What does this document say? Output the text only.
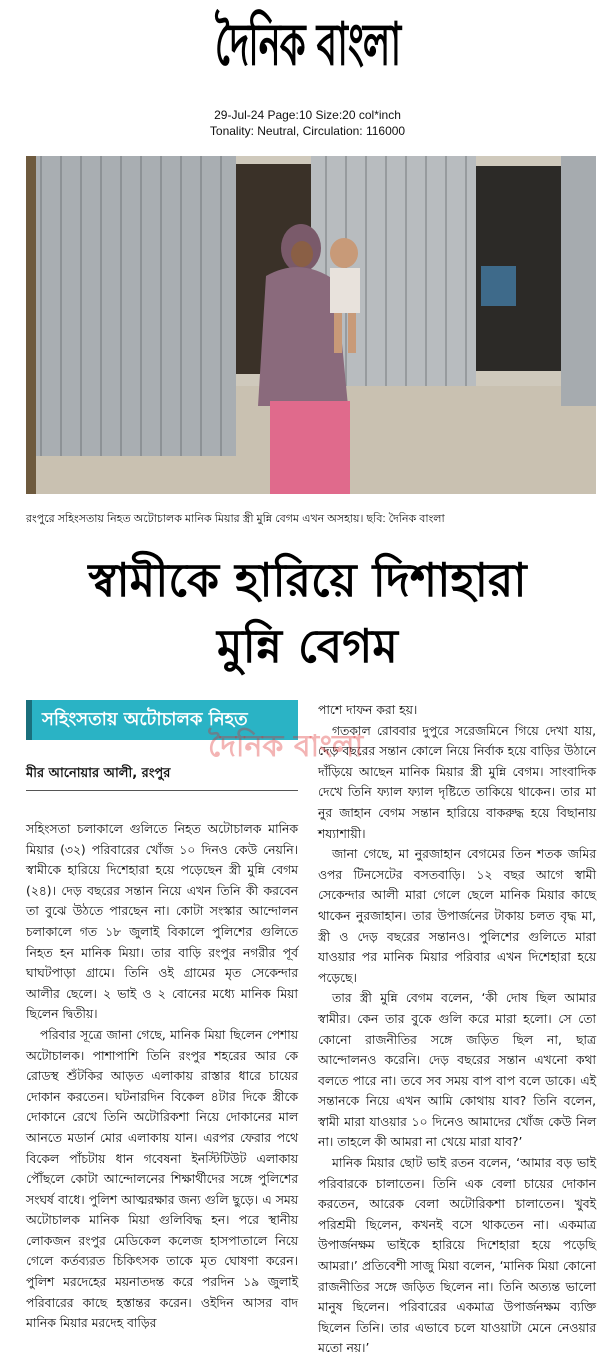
দৈনিক বাংলা
29-Jul-24 Page:10 Size:20 col*inch
Tonality: Neutral, Circulation: 116000
রংপুরে সহিংসতায় নিহত অটোচালক মানিক মিয়ার স্ত্রী মুন্নি বেগম এখন অসহায়। ছবি: দৈনিক বাংলা
স্বামীকে হারিয়ে দিশাহারা
মুন্নি বেগম
সহিংসতায় অটোচালক নিহত
মীর আনোয়ার আলী, রংপুর

সহিংসতা চলাকালে গুলিতে নিহত অটোচালক মানিক মিয়ার (৩২) পরিবারের খোঁজ ১০ দিনও কেউ নেয়নি। স্বামীকে হারিয়ে দিশেহারা হয়ে পড়েছেন স্ত্রী মুন্নি বেগম (২৪)। দেড় বছরের সন্তান নিয়ে এখন তিনি কী করবেন তা বুঝে উঠতে পারছেন না। কোটা সংস্কার আন্দোলন চলাকালে গত ১৮ জুলাই বিকালে পুলিশের গুলিতে নিহত হন মানিক মিয়া। তার বাড়ি রংপুর নগরীর পূর্ব ঘাঘটপাড়া গ্রামে। তিনি ওই গ্রামের মৃত সেকেন্দার আলীর ছেলে। ২ ভাই ও ২ বোনের মধ্যে মানিক মিয়া ছিলেন দ্বিতীয়।

পরিবার সূত্রে জানা গেছে, মানিক মিয়া ছিলেন পেশায় অটোচালক। পাশাপাশি তিনি রংপুর শহরের আর কে রোডস্থ শুঁটকির আড়ত এলাকায় রাস্তার ধারে চায়ের দোকান করতেন। ঘটনারদিন বিকেল ৪টার দিকে স্ত্রীকে দোকানে রেখে তিনি অটোরিকশা নিয়ে দোকানের মাল আনতে মডার্ন মোর এলাকায় যান। এরপর ফেরার পথে বিকেল পাঁচটায় ধান গবেষনা ইনস্টিটিউট এলাকায় পৌঁছলে কোটা আন্দোলনের শিক্ষার্থীদের সঙ্গে পুলিশের সংঘর্ষ বাধে। পুলিশ আত্মরক্ষার জন্য গুলি ছুড়ে। এ সময় অটোচালক মানিক মিয়া গুলিবিদ্ধ হন। পরে স্থানীয় লোকজন রংপুর মেডিকেল কলেজ হাসপাতালে নিয়ে গেলে কর্তব্যরত চিকিৎসক তাকে মৃত ঘোষণা করেন। পুলিশ মরদেহের ময়নাতদন্ত করে পরদিন ১৯ জুলাই পরিবারের কাছে হস্তান্তর করেন। ওইদিন আসর বাদ মানিক মিয়ার মরদেহ বাড়ির

পাশে দাফন করা হয়।

গতকাল রোববার দুপুরে সরেজমিনে গিয়ে দেখা যায়, দেড় বছরের সন্তান কোলে নিয়ে নির্বাক হয়ে বাড়ির উঠানে দাঁড়িয়ে আছেন মানিক মিয়ার স্ত্রী মুন্নি বেগম। সাংবাদিক দেখে তিনি ফ্যাল ফ্যাল দৃষ্টিতে তাকিয়ে থাকেন। তার মা নুর জাহান বেগম সন্তান হারিয়ে বাকরুদ্ধ হয়ে বিছানায় শয্যাশায়ী।

জানা গেছে, মা নুরজাহান বেগমের তিন শতক জমির ওপর টিনসেটের বসতবাড়ি। ১২ বছর আগে স্বামী সেকেন্দার আলী মারা গেলে ছেলে মানিক মিয়ার কাছে থাকেন নুরজাহান। তার উপার্জনের টাকায় চলত বৃদ্ধ মা, স্ত্রী ও দেড় বছরের সন্তানও। পুলিশের গুলিতে মারা যাওয়ার পর মানিক মিয়ার পরিবার এখন দিশেহারা হয়ে পড়েছে।

তার স্ত্রী মুন্নি বেগম বলেন, ‘কী দোষ ছিল আমার স্বামীর। কেন তার বুকে গুলি করে মারা হলো। সে তো কোনো রাজনীতির সঙ্গে জড়িত ছিল না, ছাত্র আন্দোলনও করেনি। দেড় বছরের সন্তান এখনো কথা বলতে পারে না। তবে সব সময় বাপ বাপ বলে ডাকে। এই সন্তানকে নিয়ে এখন আমি কোথায় যাব? তিনি বলেন, স্বামী মারা যাওয়ার ১০ দিনেও আমাদের খোঁজ কেউ নিল না। তাহলে কী আমরা না খেয়ে মারা যাব?’

মানিক মিয়ার ছোট ভাই রতন বলেন, ‘আমার বড় ভাই পরিবারকে চালাতেন। তিনি এক বেলা চায়ের দোকান করতেন, আরেক বেলা অটোরিকশা চালাতেন। খুবই পরিশ্রমী ছিলেন, কখনই বসে থাকতেন না। একমাত্র উপার্জনক্ষম ভাইকে হারিয়ে দিশেহারা হয়ে পড়েছি আমরা।’ প্রতিবেশী সাজু মিয়া বলেন, ‘মানিক মিয়া কোনো রাজনীতির সঙ্গে জড়িত ছিলেন না। তিনি অত্যন্ত ভালো মানুষ ছিলেন। পরিবারের একমাত্র উপার্জনক্ষম ব্যক্তি ছিলেন তিনি। তার এভাবে চলে যাওয়াটা মেনে নেওয়ার মতো নয়।’

দৈনিক বাংলা
